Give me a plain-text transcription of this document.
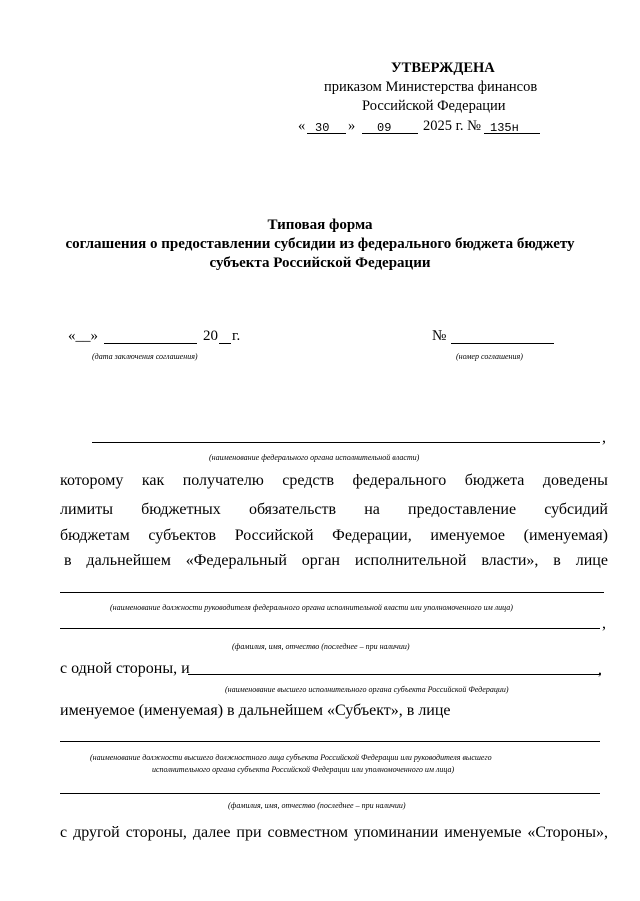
УТВЕРЖДЕНА
приказом Министерства финансов
Российской Федерации
« 30 » 09 2025 г. № 135н
Типовая форма
соглашения о предоставлении субсидии из федерального бюджета бюджету
субъекта Российской Федерации
«__»	20 г.
(дата заключения соглашения)
№
(номер соглашения)
,
(наименование федерального органа исполнительной власти)
которому как получателю средств федерального бюджета доведены
лимиты бюджетных обязательств на предоставление субсидий
бюджетам субъектов Российской Федерации, именуемое (именуемая)
в дальнейшем «Федеральный орган исполнительной власти», в лице
(наименование должности руководителя федерального органа исполнительной власти или уполномоченного им лица)
,
(фамилия, имя, отчество (последнее – при наличии)
с одной стороны, и	,
(наименование высшего исполнительного органа субъекта Российской Федерации)
именуемое (именуемая) в дальнейшем «Субъект», в лице
(наименование должности высшего должностного лица субъекта Российской Федерации или руководителя высшего
исполнительного органа субъекта Российской Федерации или уполномоченного им лица)
(фамилия, имя, отчество (последнее – при наличии)
с другой стороны, далее при совместном упоминании именуемые «Стороны»,
